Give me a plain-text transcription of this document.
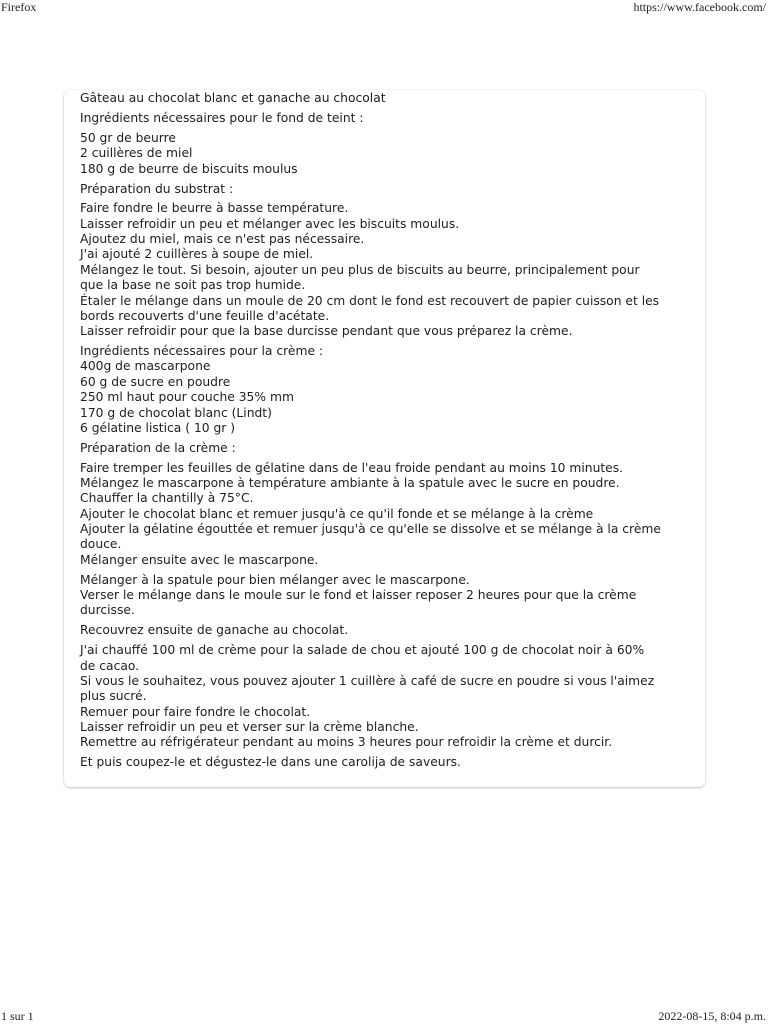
Firefox	https://www.facebook.com/
Gâteau au chocolat blanc et ganache au chocolat
Ingrédients nécessaires pour le fond de teint :
50 gr de beurre
2 cuillères de miel
180 g de beurre de biscuits moulus
Préparation du substrat :
Faire fondre le beurre à basse température.
Laisser refroidir un peu et mélanger avec les biscuits moulus.
Ajoutez du miel, mais ce n'est pas nécessaire.
J'ai ajouté 2 cuillères à soupe de miel.
Mélangez le tout. Si besoin, ajouter un peu plus de biscuits au beurre, principalement pour
que la base ne soit pas trop humide.
Étaler le mélange dans un moule de 20 cm dont le fond est recouvert de papier cuisson et les
bords recouverts d'une feuille d'acétate.
Laisser refroidir pour que la base durcisse pendant que vous préparez la crème.
Ingrédients nécessaires pour la crème :
400g de mascarpone
60 g de sucre en poudre
250 ml haut pour couche 35% mm
170 g de chocolat blanc (Lindt)
6 gélatine listica ( 10 gr )
Préparation de la crème :
Faire tremper les feuilles de gélatine dans de l'eau froide pendant au moins 10 minutes.
Mélangez le mascarpone à température ambiante à la spatule avec le sucre en poudre.
Chauffer la chantilly à 75°C.
Ajouter le chocolat blanc et remuer jusqu'à ce qu'il fonde et se mélange à la crème
Ajouter la gélatine égouttée et remuer jusqu'à ce qu'elle se dissolve et se mélange à la crème
douce.
Mélanger ensuite avec le mascarpone.
Mélanger à la spatule pour bien mélanger avec le mascarpone.
Verser le mélange dans le moule sur le fond et laisser reposer 2 heures pour que la crème
durcisse.
Recouvrez ensuite de ganache au chocolat.
J'ai chauffé 100 ml de crème pour la salade de chou et ajouté 100 g de chocolat noir à 60%
de cacao.
Si vous le souhaitez, vous pouvez ajouter 1 cuillère à café de sucre en poudre si vous l'aimez
plus sucré.
Remuer pour faire fondre le chocolat.
Laisser refroidir un peu et verser sur la crème blanche.
Remettre au réfrigérateur pendant au moins 3 heures pour refroidir la crème et durcir.
Et puis coupez-le et dégustez-le dans une carolija de saveurs.
1 sur 1	2022-08-15, 8:04 p.m.
